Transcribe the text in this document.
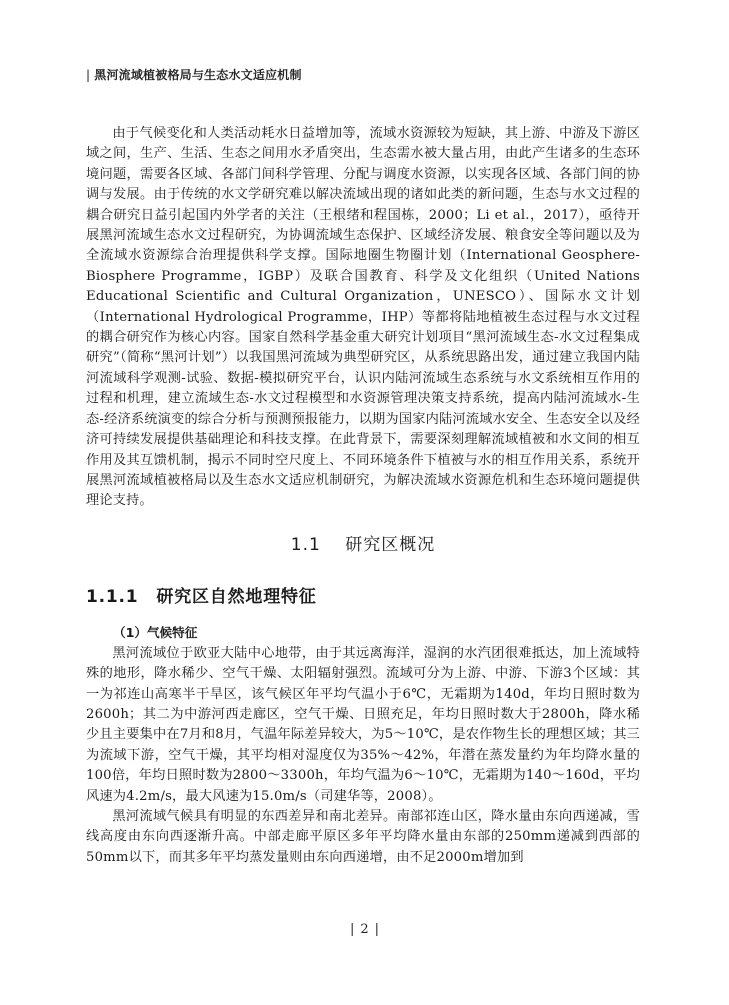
| 黑河流域植被格局与生态水文适应机制

由于气候变化和人类活动耗水日益增加等，流域水资源较为短缺，其上游、中游及下游区域之间，生产、生活、生态之间用水矛盾突出，生态需水被大量占用，由此产生诸多的生态环境问题，需要各区域、各部门间科学管理、分配与调度水资源，以实现各区域、各部门间的协调与发展。由于传统的水文学研究难以解决流域出现的诸如此类的新问题，生态与水文过程的耦合研究日益引起国内外学者的关注（王根绪和程国栋，2000；Li et al.，2017），亟待开展黑河流域生态水文过程研究，为协调流域生态保护、区域经济发展、粮食安全等问题以及为全流域水资源综合治理提供科学支撑。国际地圈生物圈计划（International Geosphere-Biosphere Programme，IGBP）及联合国教育、科学及文化组织（United Nations Educational Scientific and Cultural Organization，UNESCO）、国际水文计划（International Hydrological Programme，IHP）等都将陆地植被生态过程与水文过程的耦合研究作为核心内容。国家自然科学基金重大研究计划项目“黑河流域生态-水文过程集成研究”（简称“黑河计划”）以我国黑河流域为典型研究区，从系统思路出发，通过建立我国内陆河流域科学观测-试验、数据-模拟研究平台，认识内陆河流域生态系统与水文系统相互作用的过程和机理，建立流域生态-水文过程模型和水资源管理决策支持系统，提高内陆河流域水-生态-经济系统演变的综合分析与预测预报能力，以期为国家内陆河流域水安全、生态安全以及经济可持续发展提供基础理论和科技支撑。在此背景下，需要深刻理解流域植被和水文间的相互作用及其互馈机制，揭示不同时空尺度上、不同环境条件下植被与水的相互作用关系，系统开展黑河流域植被格局以及生态水文适应机制研究，为解决流域水资源危机和生态环境问题提供理论支持。

1.1 研究区概况
1.1.1 研究区自然地理特征
（1）气候特征

黑河流域位于欧亚大陆中心地带，由于其远离海洋，湿润的水汽团很难抵达，加上流域特殊的地形，降水稀少、空气干燥、太阳辐射强烈。流域可分为上游、中游、下游3个区域：其一为祁连山高寒半干旱区，该气候区年平均气温小于6℃，无霜期为140d，年均日照时数为2600h；其二为中游河西走廊区，空气干燥、日照充足，年均日照时数大于2800h，降水稀少且主要集中在7月和8月，气温年际差异较大，为5～10℃，是农作物生长的理想区域；其三为流域下游，空气干燥，其平均相对湿度仅为35%～42%，年潜在蒸发量约为年均降水量的100倍，年均日照时数为2800～3300h，年均气温为6～10℃，无霜期为140～160d，平均风速为4.2m/s，最大风速为15.0m/s（司建华等，2008）。

黑河流域气候具有明显的东西差异和南北差异。南部祁连山区，降水量由东向西递减，雪线高度由东向西逐渐升高。中部走廊平原区多年平均降水量由东部的250mm递减到西部的50mm以下，而其多年平均蒸发量则由东向西递增，由不足2000m增加到

| 2 |
